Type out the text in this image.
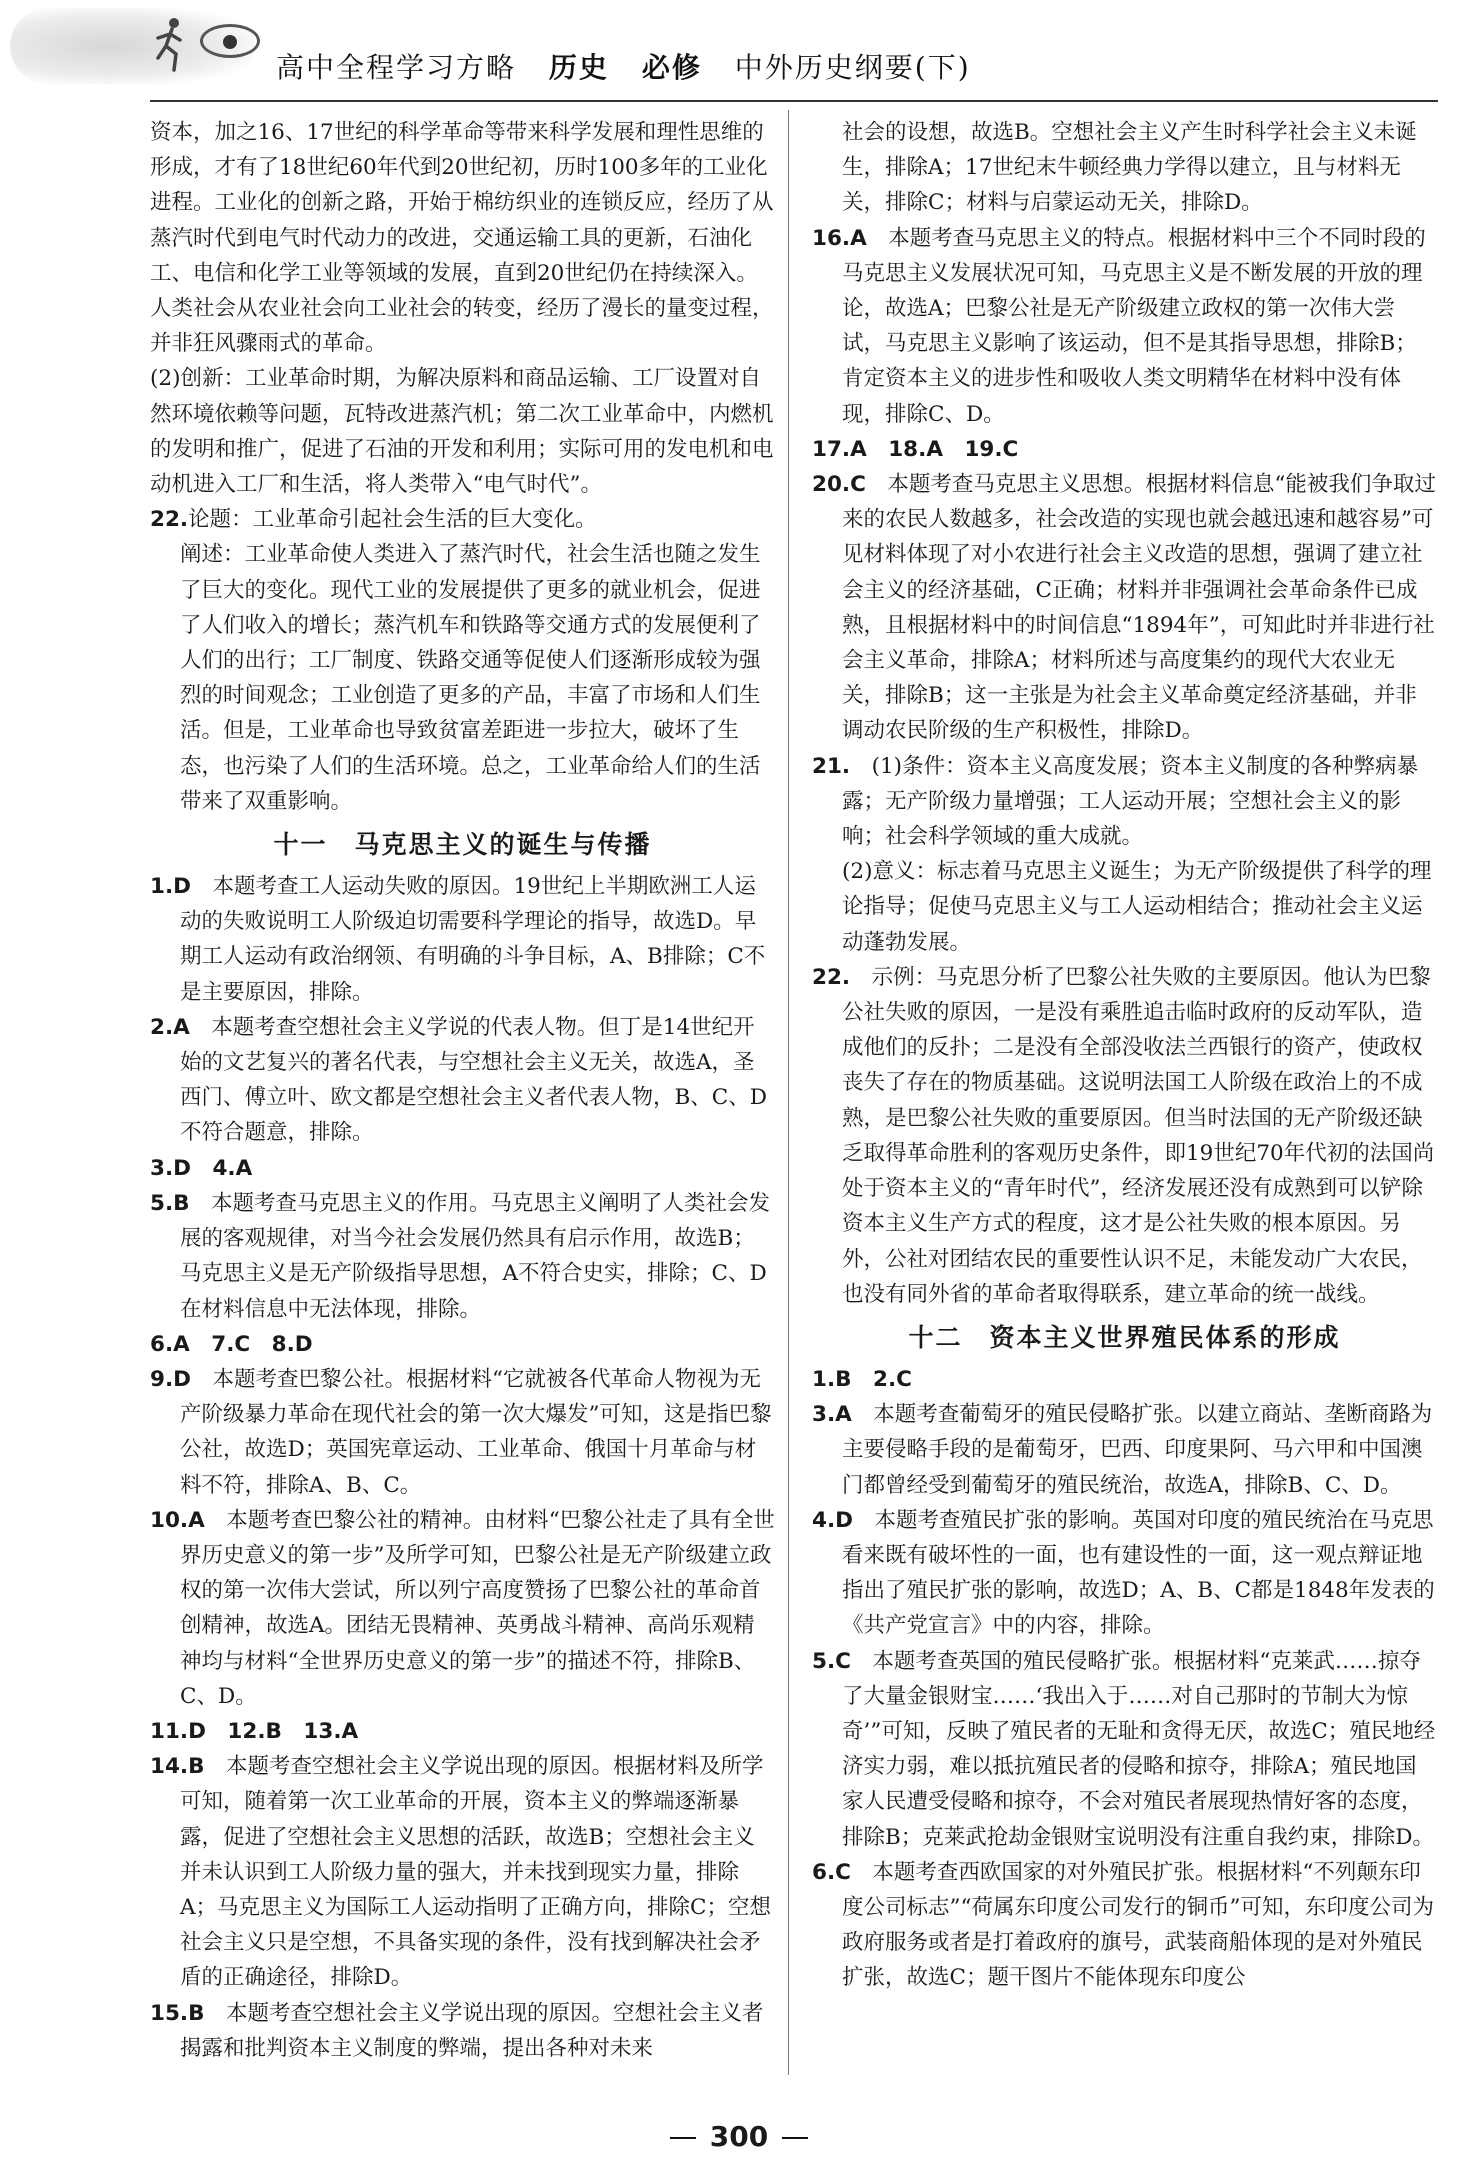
高中全程学习方略 历史 必修 中外历史纲要(下)

资本，加之16、17世纪的科学革命等带来科学发展和理性思维的形成，才有了18世纪60年代到20世纪初，历时100多年的工业化进程。工业化的创新之路，开始于棉纺织业的连锁反应，经历了从蒸汽时代到电气时代动力的改进，交通运输工具的更新，石油化工、电信和化学工业等领域的发展，直到20世纪仍在持续深入。人类社会从农业社会向工业社会的转变，经历了漫长的量变过程，并非狂风骤雨式的革命。

(2)创新：工业革命时期，为解决原料和商品运输、工厂设置对自然环境依赖等问题，瓦特改进蒸汽机；第二次工业革命中，内燃机的发明和推广，促进了石油的开发和利用；实际可用的发电机和电动机进入工厂和生活，将人类带入“电气时代”。

22.论题：工业革命引起社会生活的巨大变化。

阐述：工业革命使人类进入了蒸汽时代，社会生活也随之发生了巨大的变化。现代工业的发展提供了更多的就业机会，促进了人们收入的增长；蒸汽机车和铁路等交通方式的发展便利了人们的出行；工厂制度、铁路交通等促使人们逐渐形成较为强烈的时间观念；工业创造了更多的产品，丰富了市场和人们生活。但是，工业革命也导致贫富差距进一步拉大，破坏了生态，也污染了人们的生活环境。总之，工业革命给人们的生活带来了双重影响。

十一　马克思主义的诞生与传播

1.D　 本题考查工人运动失败的原因。19世纪上半期欧洲工人运动的失败说明工人阶级迫切需要科学理论的指导，故选D。早期工人运动有政治纲领、有明确的斗争目标，A、B排除；C不是主要原因，排除。

2.A　 本题考查空想社会主义学说的代表人物。但丁是14世纪开始的文艺复兴的著名代表，与空想社会主义无关，故选A，圣西门、傅立叶、欧文都是空想社会主义者代表人物，B、C、D不符合题意，排除。

3.D　4.A

5.B　 本题考查马克思主义的作用。马克思主义阐明了人类社会发展的客观规律，对当今社会发展仍然具有启示作用，故选B；马克思主义是无产阶级指导思想，A不符合史实，排除；C、D在材料信息中无法体现，排除。

6.A　7.C　8.D

9.D　 本题考查巴黎公社。根据材料“它就被各代革命人物视为无产阶级暴力革命在现代社会的第一次大爆发”可知，这是指巴黎公社，故选D；英国宪章运动、工业革命、俄国十月革命与材料不符，排除A、B、C。

10.A　 本题考查巴黎公社的精神。由材料“巴黎公社走了具有全世界历史意义的第一步”及所学可知，巴黎公社是无产阶级建立政权的第一次伟大尝试，所以列宁高度赞扬了巴黎公社的革命首创精神，故选A。团结无畏精神、英勇战斗精神、高尚乐观精神均与材料“全世界历史意义的第一步”的描述不符，排除B、C、D。

11.D　12.B　13.A

14.B　 本题考查空想社会主义学说出现的原因。根据材料及所学可知，随着第一次工业革命的开展，资本主义的弊端逐渐暴露，促进了空想社会主义思想的活跃，故选B；空想社会主义并未认识到工人阶级力量的强大，并未找到现实力量，排除A；马克思主义为国际工人运动指明了正确方向，排除C；空想社会主义只是空想，不具备实现的条件，没有找到解决社会矛盾的正确途径，排除D。

15.B　 本题考查空想社会主义学说出现的原因。空想社会主义者揭露和批判资本主义制度的弊端，提出各种对未来

社会的设想，故选B。空想社会主义产生时科学社会主义未诞生，排除A；17世纪末牛顿经典力学得以建立，且与材料无关，排除C；材料与启蒙运动无关，排除D。

16.A　 本题考查马克思主义的特点。根据材料中三个不同时段的马克思主义发展状况可知，马克思主义是不断发展的开放的理论，故选A；巴黎公社是无产阶级建立政权的第一次伟大尝试，马克思主义影响了该运动，但不是其指导思想，排除B；肯定资本主义的进步性和吸收人类文明精华在材料中没有体现，排除C、D。

17.A　18.A　19.C

20.C　 本题考查马克思主义思想。根据材料信息“能被我们争取过来的农民人数越多，社会改造的实现也就会越迅速和越容易”可见材料体现了对小农进行社会主义改造的思想，强调了建立社会主义的经济基础，C正确；材料并非强调社会革命条件已成熟，且根据材料中的时间信息“1894年”，可知此时并非进行社会主义革命，排除A；材料所述与高度集约的现代大农业无关，排除B；这一主张是为社会主义革命奠定经济基础，并非调动农民阶级的生产积极性，排除D。

21.　 (1)条件：资本主义高度发展；资本主义制度的各种弊病暴露；无产阶级力量增强；工人运动开展；空想社会主义的影响；社会科学领域的重大成就。

(2)意义：标志着马克思主义诞生；为无产阶级提供了科学的理论指导；促使马克思主义与工人运动相结合；推动社会主义运动蓬勃发展。

22.　 示例：马克思分析了巴黎公社失败的主要原因。他认为巴黎公社失败的原因，一是没有乘胜追击临时政府的反动军队，造成他们的反扑；二是没有全部没收法兰西银行的资产，使政权丧失了存在的物质基础。这说明法国工人阶级在政治上的不成熟，是巴黎公社失败的重要原因。但当时法国的无产阶级还缺乏取得革命胜利的客观历史条件，即19世纪70年代初的法国尚处于资本主义的“青年时代”，经济发展还没有成熟到可以铲除资本主义生产方式的程度，这才是公社失败的根本原因。另外，公社对团结农民的重要性认识不足，未能发动广大农民，也没有同外省的革命者取得联系，建立革命的统一战线。

十二　资本主义世界殖民体系的形成

1.B　2.C

3.A　 本题考查葡萄牙的殖民侵略扩张。以建立商站、垄断商路为主要侵略手段的是葡萄牙，巴西、印度果阿、马六甲和中国澳门都曾经受到葡萄牙的殖民统治，故选A，排除B、C、D。

4.D　 本题考查殖民扩张的影响。英国对印度的殖民统治在马克思看来既有破坏性的一面，也有建设性的一面，这一观点辩证地指出了殖民扩张的影响，故选D；A、B、C都是1848年发表的《共产党宣言》中的内容，排除。

5.C　 本题考查英国的殖民侵略扩张。根据材料“克莱武……掠夺了大量金银财宝……‘我出入于……对自己那时的节制大为惊奇’”可知，反映了殖民者的无耻和贪得无厌，故选C；殖民地经济实力弱，难以抵抗殖民者的侵略和掠夺，排除A；殖民地国家人民遭受侵略和掠夺，不会对殖民者展现热情好客的态度，排除B；克莱武抢劫金银财宝说明没有注重自我约束，排除D。

6.C　 本题考查西欧国家的对外殖民扩张。根据材料“不列颠东印度公司标志”“荷属东印度公司发行的铜币”可知，东印度公司为政府服务或者是打着政府的旗号，武装商船体现的是对外殖民扩张，故选C；题干图片不能体现东印度公

300
